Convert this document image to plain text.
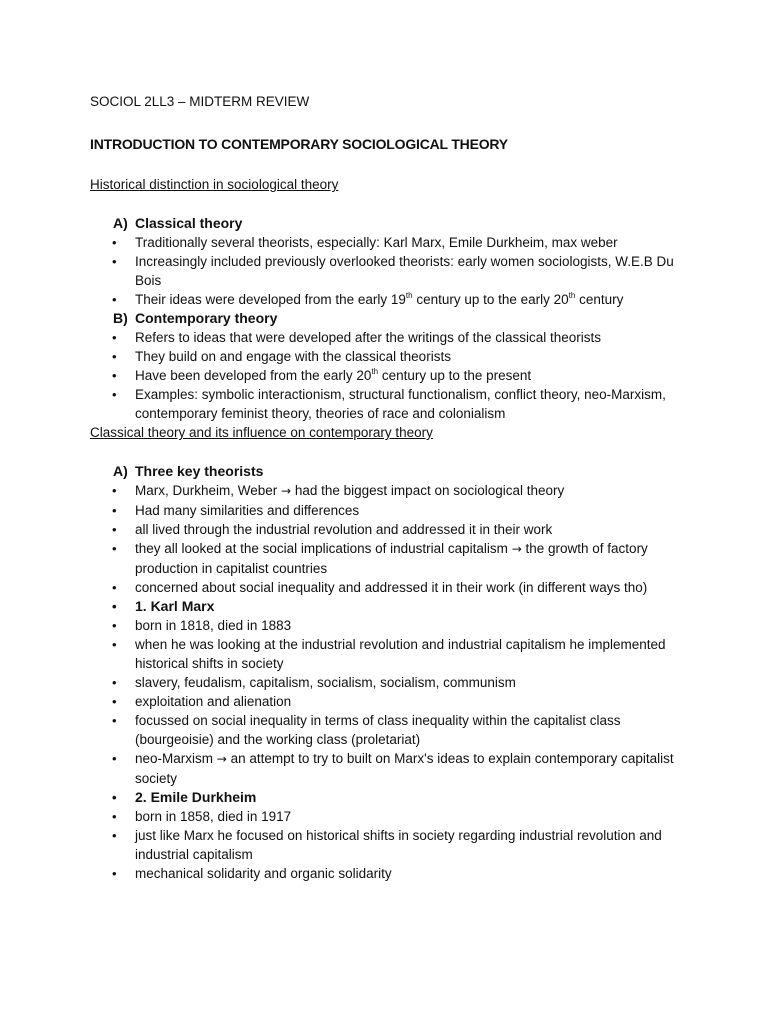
SOCIOL 2LL3 – MIDTERM REVIEW
INTRODUCTION TO CONTEMPORARY SOCIOLOGICAL THEORY
Historical distinction in sociological theory
A) Classical theory
• Traditionally several theorists, especially: Karl Marx, Emile Durkheim, max weber
• Increasingly included previously overlooked theorists: early women sociologists, W.E.B Du Bois
• Their ideas were developed from the early 19th century up to the early 20th century
B) Contemporary theory
• Refers to ideas that were developed after the writings of the classical theorists
• They build on and engage with the classical theorists
• Have been developed from the early 20th century up to the present
• Examples: symbolic interactionism, structural functionalism, conflict theory, neo-Marxism, contemporary feminist theory, theories of race and colonialism
Classical theory and its influence on contemporary theory
A) Three key theorists
• Marx, Durkheim, Weber → had the biggest impact on sociological theory
• Had many similarities and differences
• all lived through the industrial revolution and addressed it in their work
• they all looked at the social implications of industrial capitalism → the growth of factory production in capitalist countries
• concerned about social inequality and addressed it in their work (in different ways tho)
• 1. Karl Marx
• born in 1818, died in 1883
• when he was looking at the industrial revolution and industrial capitalism he implemented historical shifts in society
• slavery, feudalism, capitalism, socialism, socialism, communism
• exploitation and alienation
• focussed on social inequality in terms of class inequality within the capitalist class (bourgeoisie) and the working class (proletariat)
• neo-Marxism → an attempt to try to built on Marx's ideas to explain contemporary capitalist society
• 2. Emile Durkheim
• born in 1858, died in 1917
• just like Marx he focused on historical shifts in society regarding industrial revolution and industrial capitalism
• mechanical solidarity and organic solidarity
